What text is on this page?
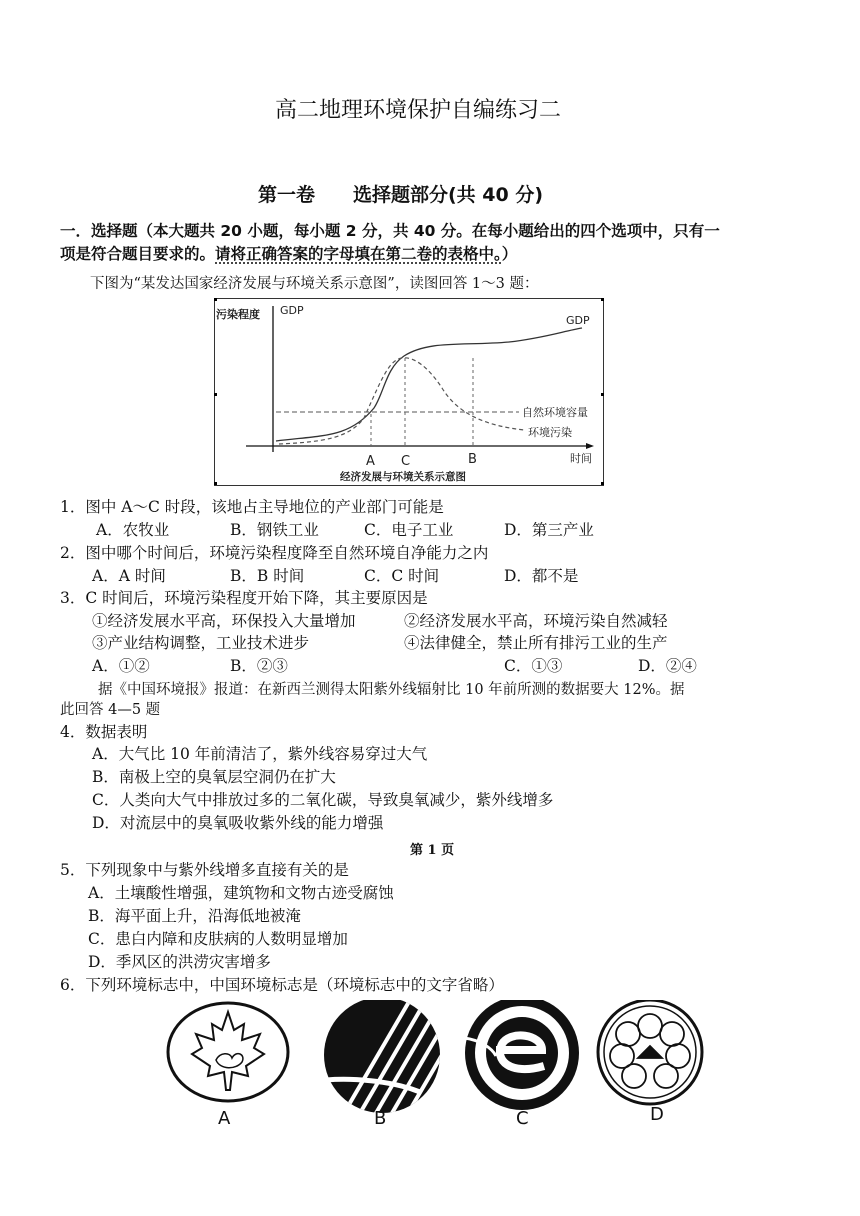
高二地理环境保护自编练习二
第一卷　　选择题部分(共 40 分)
一．选择题（本大题共 20 小题，每小题 2 分，共 40 分。在每小题给出的四个选项中，只有一
项是符合题目要求的。请将正确答案的字母填在第二卷的表格中。）
下图为“某发达国家经济发展与环境关系示意图”，读图回答 1～3 题：
污染程度 GDP
GDP
自然环境容量
环境污染
A C	B	时间
经济发展与环境关系示意图
1．图中 A～C 时段，该地占主导地位的产业部门可能是
A．农牧业	B．钢铁工业	C．电子工业	D．第三产业
2．图中哪个时间后，环境污染程度降至自然环境自净能力之内
A．A 时间	B．B 时间	C．C 时间	D．都不是
3．C 时间后，环境污染程度开始下降，其主要原因是
①经济发展水平高，环保投入大量增加	②经济发展水平高，环境污染自然减轻
③产业结构调整，工业技术进步	④法律健全，禁止所有排污工业的生产
A．①②	B．②③	C．①③	D．②④
据《中国环境报》报道：在新西兰测得太阳紫外线辐射比 10 年前所测的数据要大 12%。据
此回答 4—5 题
4．数据表明
A．大气比 10 年前清洁了，紫外线容易穿过大气
B．南极上空的臭氧层空洞仍在扩大
C．人类向大气中排放过多的二氧化碳，导致臭氧减少，紫外线增多
D．对流层中的臭氧吸收紫外线的能力增强
第 1 页
5．下列现象中与紫外线增多直接有关的是
A．土壤酸性增强，建筑物和文物古迹受腐蚀
B．海平面上升，沿海低地被淹
C．患白内障和皮肤病的人数明显增加
D．季风区的洪涝灾害增多
6．下列环境标志中，中国环境标志是（环境标志中的文字省略）
A	B	C	D
